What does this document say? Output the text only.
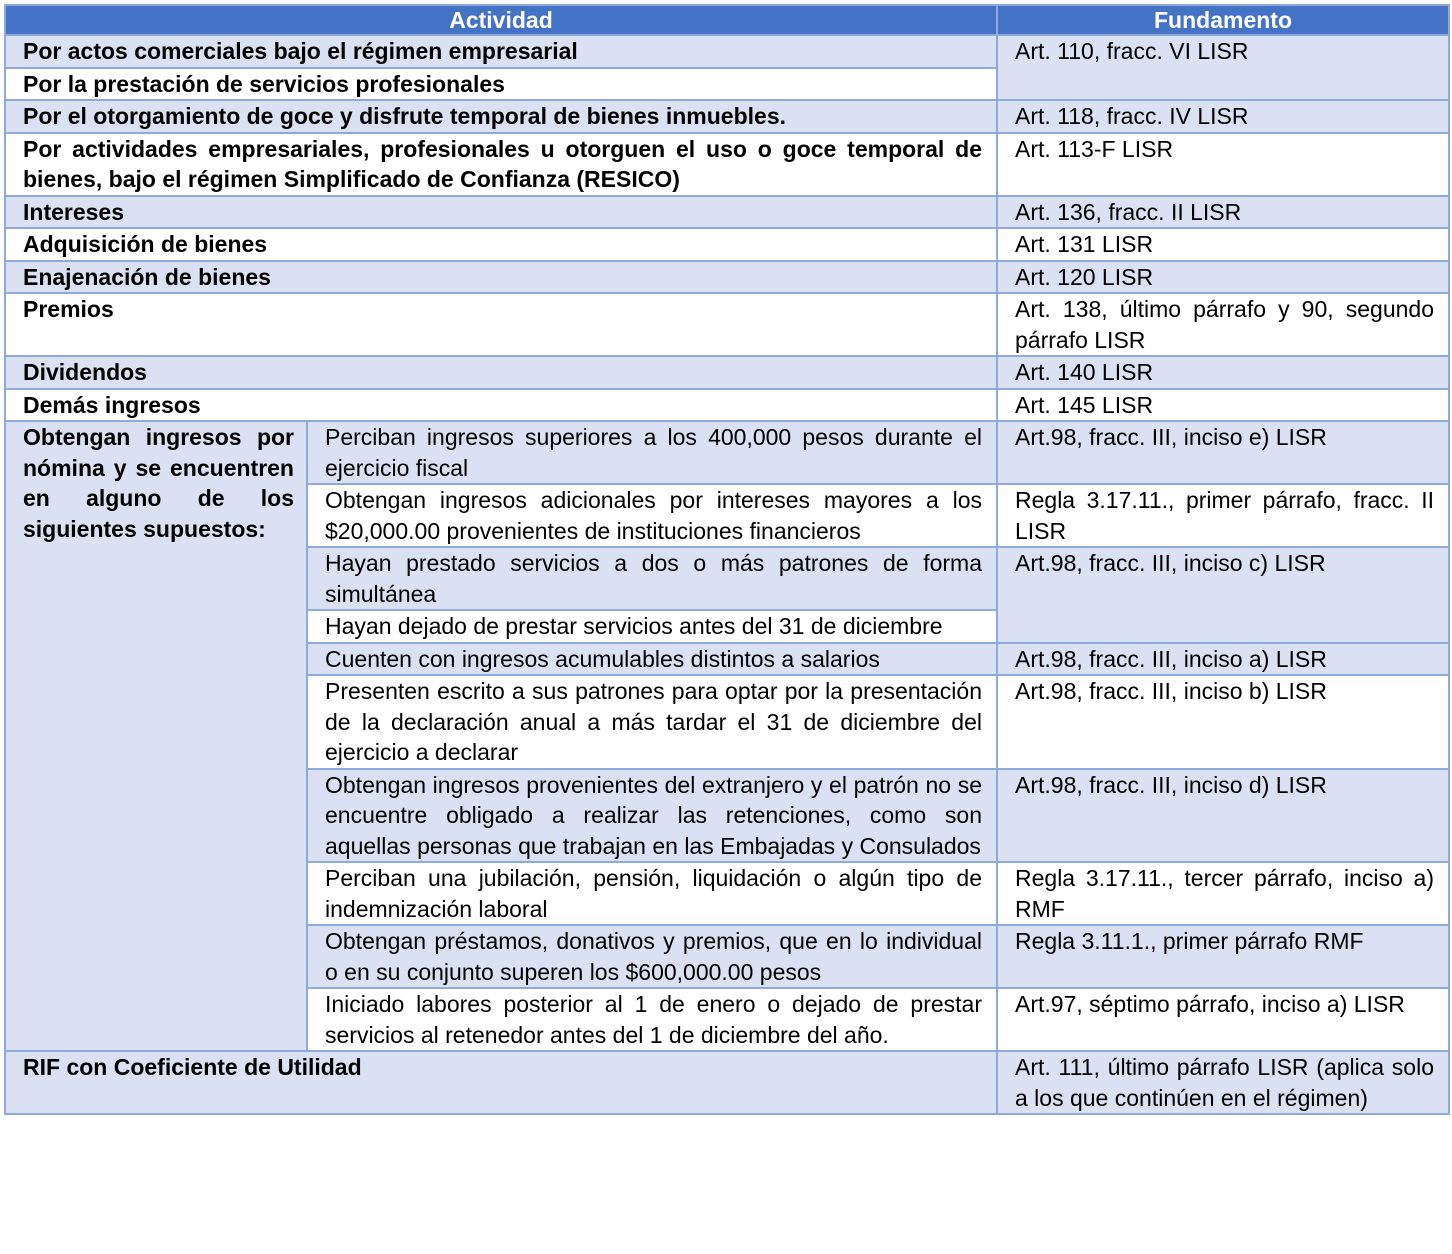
Actividad		Fundamento
Por actos comerciales bajo el régimen empresarial		Art. 110, fracc. VI LISR
Por la prestación de servicios profesionales		
Por el otorgamiento de goce y disfrute temporal de bienes inmuebles.		Art. 118, fracc. IV LISR
Por actividades empresariales, profesionales u otorguen el uso o goce temporal de bienes, bajo el régimen Simplificado de Confianza (RESICO)		Art. 113-F LISR
Intereses		Art. 136, fracc. II LISR
Adquisición de bienes		Art. 131 LISR
Enajenación de bienes		Art. 120 LISR
Premios		Art. 138, último párrafo y 90, segundo párrafo LISR
Dividendos		Art. 140 LISR
Demás ingresos		Art. 145 LISR
Obtengan ingresos por nómina y se encuentren en alguno de los siguientes supuestos:	Perciban ingresos superiores a los 400,000 pesos durante el ejercicio fiscal	Art.98, fracc. III, inciso e) LISR
	Obtengan ingresos adicionales por intereses mayores a los $20,000.00 provenientes de instituciones financieros	Regla 3.17.11., primer párrafo, fracc. II LISR
	Hayan prestado servicios a dos o más patrones de forma simultánea	Art.98, fracc. III, inciso c) LISR
	Hayan dejado de prestar servicios antes del 31 de diciembre	
	Cuenten con ingresos acumulables distintos a salarios	Art.98, fracc. III, inciso a) LISR
	Presenten escrito a sus patrones para optar por la presentación de la declaración anual a más tardar el 31 de diciembre del ejercicio a declarar	Art.98, fracc. III, inciso b) LISR
	Obtengan ingresos provenientes del extranjero y el patrón no se encuentre obligado a realizar las retenciones, como son aquellas personas que trabajan en las Embajadas y Consulados	Art.98, fracc. III, inciso d) LISR
	Perciban una jubilación, pensión, liquidación o algún tipo de indemnización laboral	Regla 3.17.11., tercer párrafo, inciso a) RMF
	Obtengan préstamos, donativos y premios, que en lo individual o en su conjunto superen los $600,000.00 pesos	Regla 3.11.1., primer párrafo RMF
	Iniciado labores posterior al 1 de enero o dejado de prestar servicios al retenedor antes del 1 de diciembre del año.	Art.97, séptimo párrafo, inciso a) LISR
RIF con Coeficiente de Utilidad		Art. 111, último párrafo LISR (aplica solo a los que continúen en el régimen)
